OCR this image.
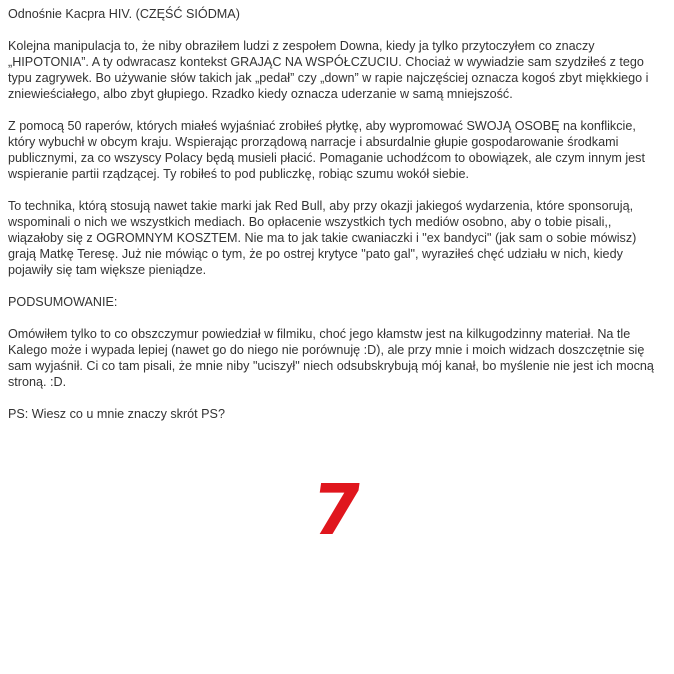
Odnośnie Kacpra HIV. (CZĘŚĆ SIÓDMA)

Kolejna manipulacja to, że niby obraziłem ludzi z zespołem Downa, kiedy ja tylko przytoczyłem co znaczy „HIPOTONIA”. A ty odwracasz kontekst GRAJĄC NA WSPÓŁCZUCIU. Chociaż w wywiadzie sam szydziłeś z tego typu zagrywek. Bo używanie słów takich jak „pedał” czy „down” w rapie najczęściej oznacza kogoś zbyt miękkiego i zniewieściałego, albo zbyt głupiego. Rzadko kiedy oznacza uderzanie w samą mniejszość.

Z pomocą 50 raperów, których miałeś wyjaśniać zrobiłeś płytkę, aby wypromować SWOJĄ OSOBĘ na konflikcie, który wybuchł w obcym kraju. Wspierając prorządową narracje i absurdalnie głupie gospodarowanie środkami publicznymi, za co wszyscy Polacy będą musieli płacić. Pomaganie uchodźcom to obowiązek, ale czym innym jest wspieranie partii rządzącej. Ty robiłeś to pod publiczkę, robiąc szumu wokół siebie.

To technika, którą stosują nawet takie marki jak Red Bull, aby przy okazji jakiegoś wydarzenia, które sponsorują, wspominali o nich we wszystkich mediach. Bo opłacenie wszystkich tych mediów osobno, aby o tobie pisali,, wiązałoby się z OGROMNYM KOSZTEM. Nie ma to jak takie cwaniaczki i "ex bandyci" (jak sam o sobie mówisz) grają Matkę Teresę. Już nie mówiąc o tym, że po ostrej krytyce "pato gal", wyraziłeś chęć udziału w nich, kiedy pojawiły się tam większe pieniądze.

PODSUMOWANIE:

Omówiłem tylko to co obszczymur powiedział w filmiku, choć jego kłamstw jest na kilkugodzinny materiał. Na tle Kalego może i wypada lepiej (nawet go do niego nie porównuję :D), ale przy mnie i moich widzach doszczętnie się sam wyjaśnił. Ci co tam pisali, że mnie niby "uciszył" niech odsubskrybują mój kanał, bo myślenie nie jest ich mocną stroną. :D.

PS: Wiesz co u mnie znaczy skrót PS?

7
